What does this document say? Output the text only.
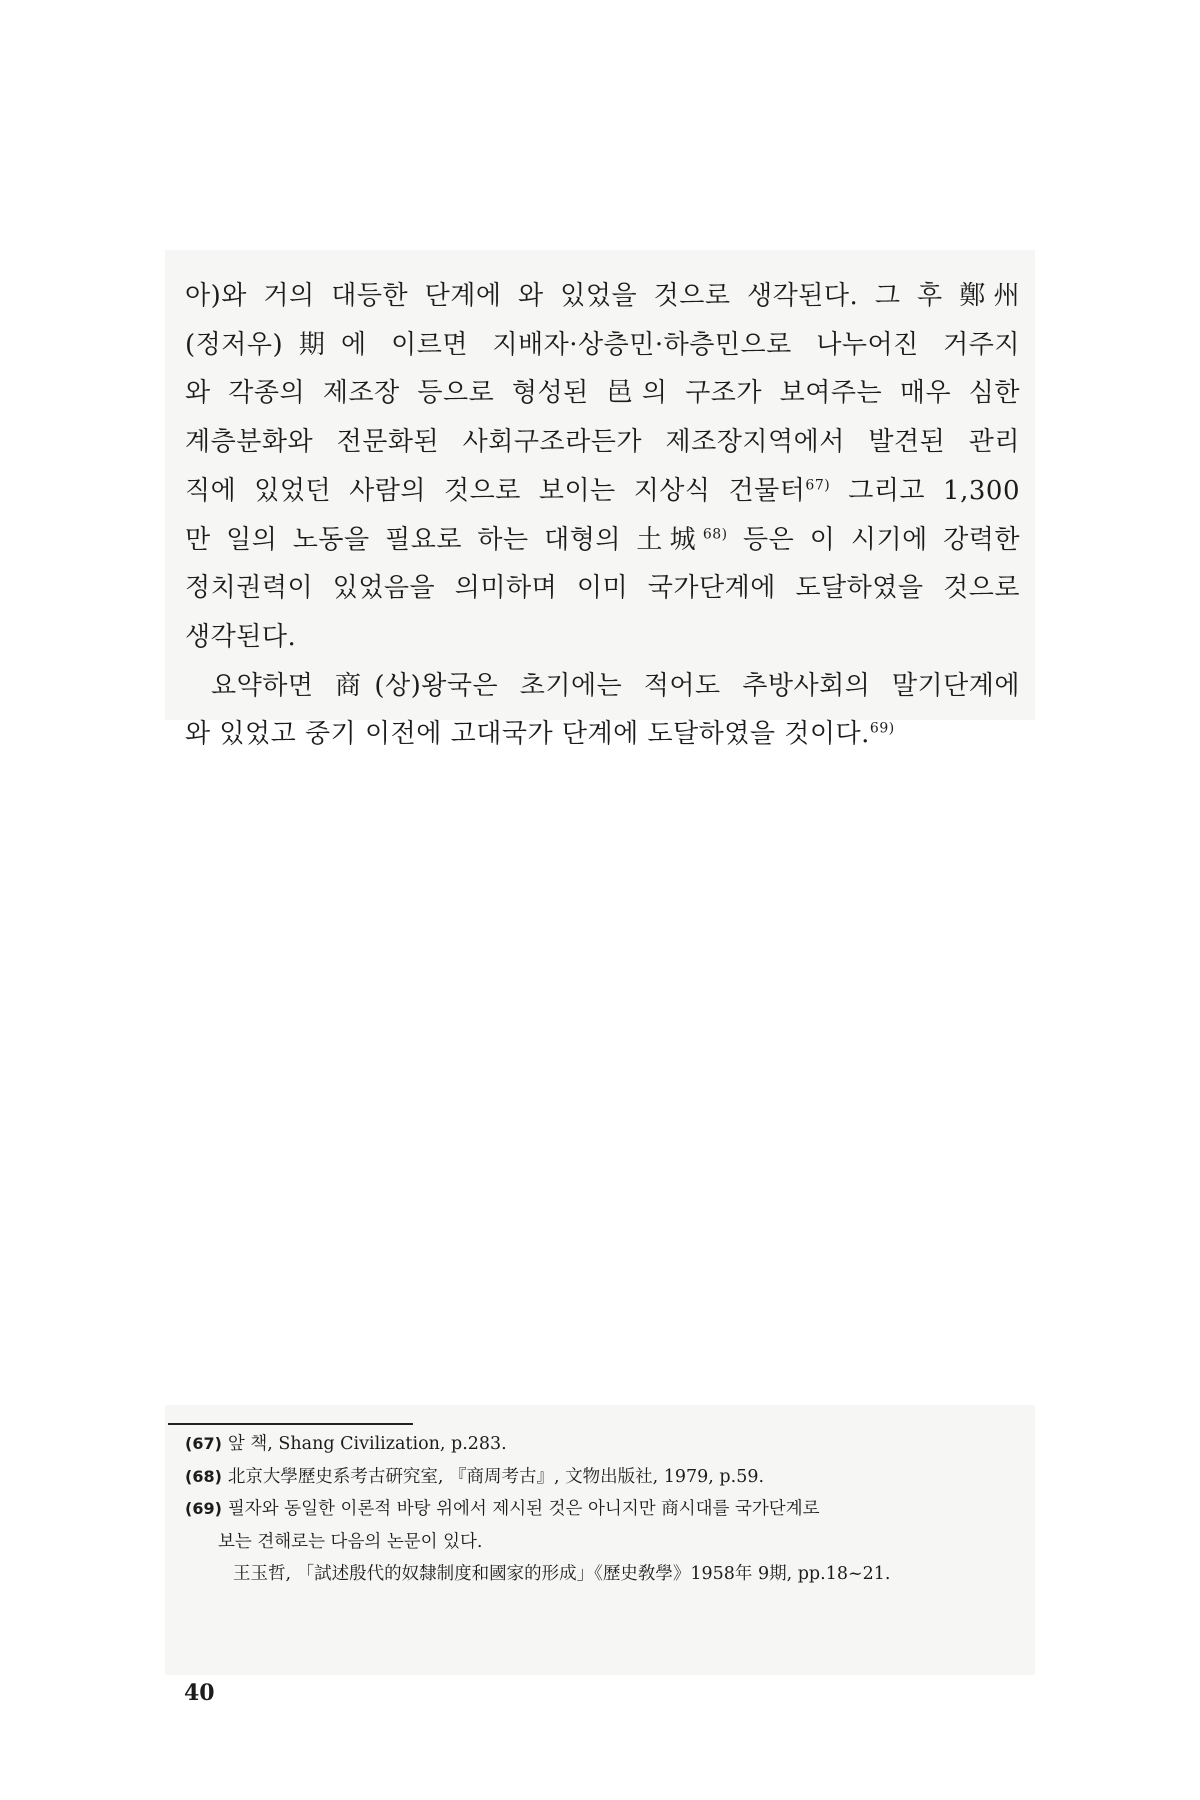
아)와 거의 대등한 단계에 와 있었을 것으로 생각된다. 그 후 鄭州
(정저우)期에 이르면 지배자·상층민·하층민으로 나누어진 거주지
와 각종의 제조장 등으로 형성된 邑의 구조가 보여주는 매우 심한
계층분화와 전문화된 사회구조라든가 제조장지역에서 발견된 관리
직에 있었던 사람의 것으로 보이는 지상식 건물터$^{67)}$ 그리고 1,300
만 일의 노동을 필요로 하는 대형의 土城$^{68)}$ 등은 이 시기에 강력한
정치권력이 있었음을 의미하며 이미 국가단계에 도달하였을 것으로
생각된다.

요약하면 商(상)왕국은 초기에는 적어도 추방사회의 말기단계에
와 있었고 중기 이전에 고대국가 단계에 도달하였을 것이다.$^{69)}$

(67) 앞 책, Shang Civilization, p.283.
(68) 北京大學歷史系考古硏究室, 『商周考古』, 文物出版社, 1979, p.59.
(69) 필자와 동일한 이론적 바탕 위에서 제시된 것은 아니지만 商시대를 국가단계로
보는 견해로는 다음의 논문이 있다.
王玉哲, 「試述殷代的奴隸制度和國家的形成」《歷史敎學》1958年 9期, pp.18~21.
40
